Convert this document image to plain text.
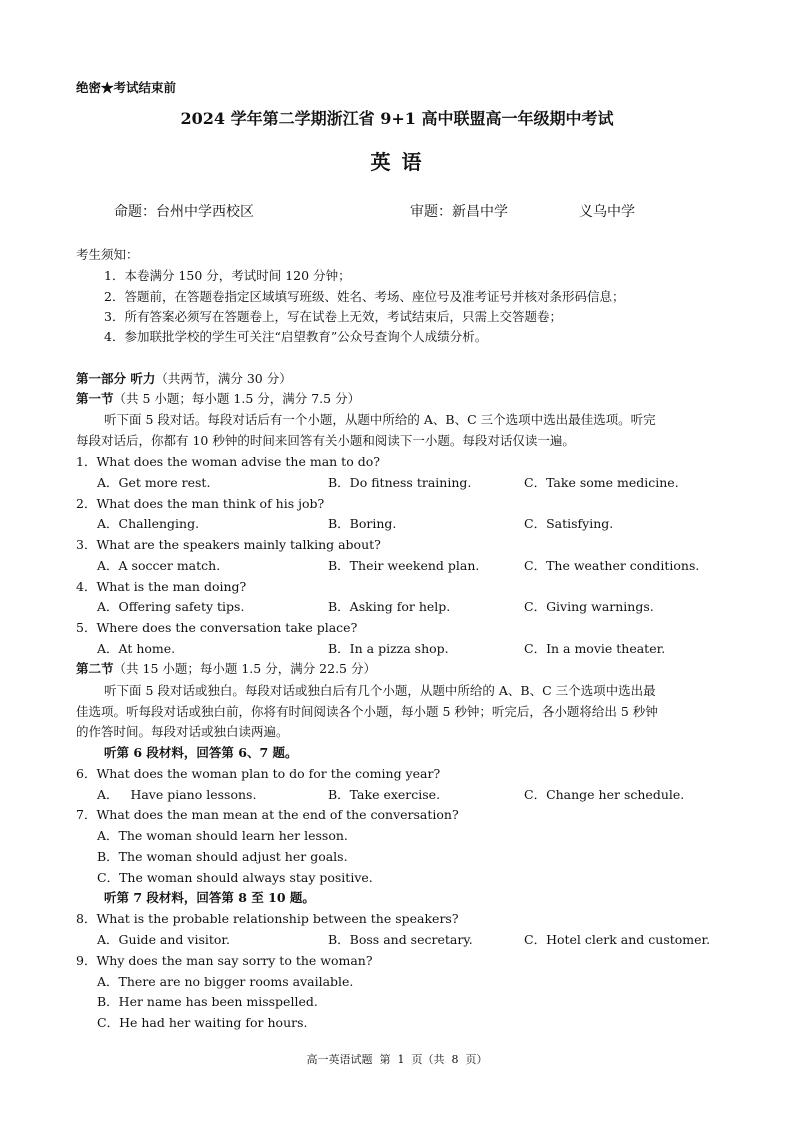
绝密★考试结束前
2024 学年第二学期浙江省 9+1 高中联盟高一年级期中考试
英 语
命题：台州中学西校区	审题：新昌中学	义乌中学
考生须知：
1．本卷满分 150 分，考试时间 120 分钟；
2．答题前，在答题卷指定区域填写班级、姓名、考场、座位号及准考证号并核对条形码信息；
3．所有答案必须写在答题卷上，写在试卷上无效，考试结束后，只需上交答题卷；
4．参加联批学校的学生可关注“启望教育”公众号查询个人成绩分析。
第一部分 听力（共两节，满分 30 分）
第一节（共 5 小题；每小题 1.5 分，满分 7.5 分）
听下面 5 段对话。每段对话后有一个小题，从题中所给的 A、B、C 三个选项中选出最佳选项。听完
每段对话后，你都有 10 秒钟的时间来回答有关小题和阅读下一小题。每段对话仅读一遍。
1．What does the woman advise the man to do?
A．Get more rest.	B．Do fitness training.	C．Take some medicine.
2．What does the man think of his job?
A．Challenging.	B．Boring.	C．Satisfying.
3．What are the speakers mainly talking about?
A．A soccer match.	B．Their weekend plan.	C．The weather conditions.
4．What is the man doing?
A．Offering safety tips.	B．Asking for help.	C．Giving warnings.
5．Where does the conversation take place?
A．At home.	B．In a pizza shop.	C．In a movie theater.
第二节（共 15 小题；每小题 1.5 分，满分 22.5 分）
听下面 5 段对话或独白。每段对话或独白后有几个小题，从题中所给的 A、B、C 三个选项中选出最
佳选项。听每段对话或独白前，你将有时间阅读各个小题，每小题 5 秒钟；听完后，各小题将给出 5 秒钟
的作答时间。每段对话或独白读两遍。
听第 6 段材料，回答第 6、7 题。
6．What does the woman plan to do for the coming year?
A．   Have piano lessons.	B．Take exercise.	C．Change her schedule.
7．What does the man mean at the end of the conversation?
A．The woman should learn her lesson.
B．The woman should adjust her goals.
C．The woman should always stay positive.
听第 7 段材料，回答第 8 至 10 题。
8．What is the probable relationship between the speakers?
A．Guide and visitor.	B．Boss and secretary.	C．Hotel clerk and customer.
9．Why does the man say sorry to the woman?
A．There are no bigger rooms available.
B．Her name has been misspelled.
C．He had her waiting for hours.
高一英语试题  第  1  页（共  8  页）
